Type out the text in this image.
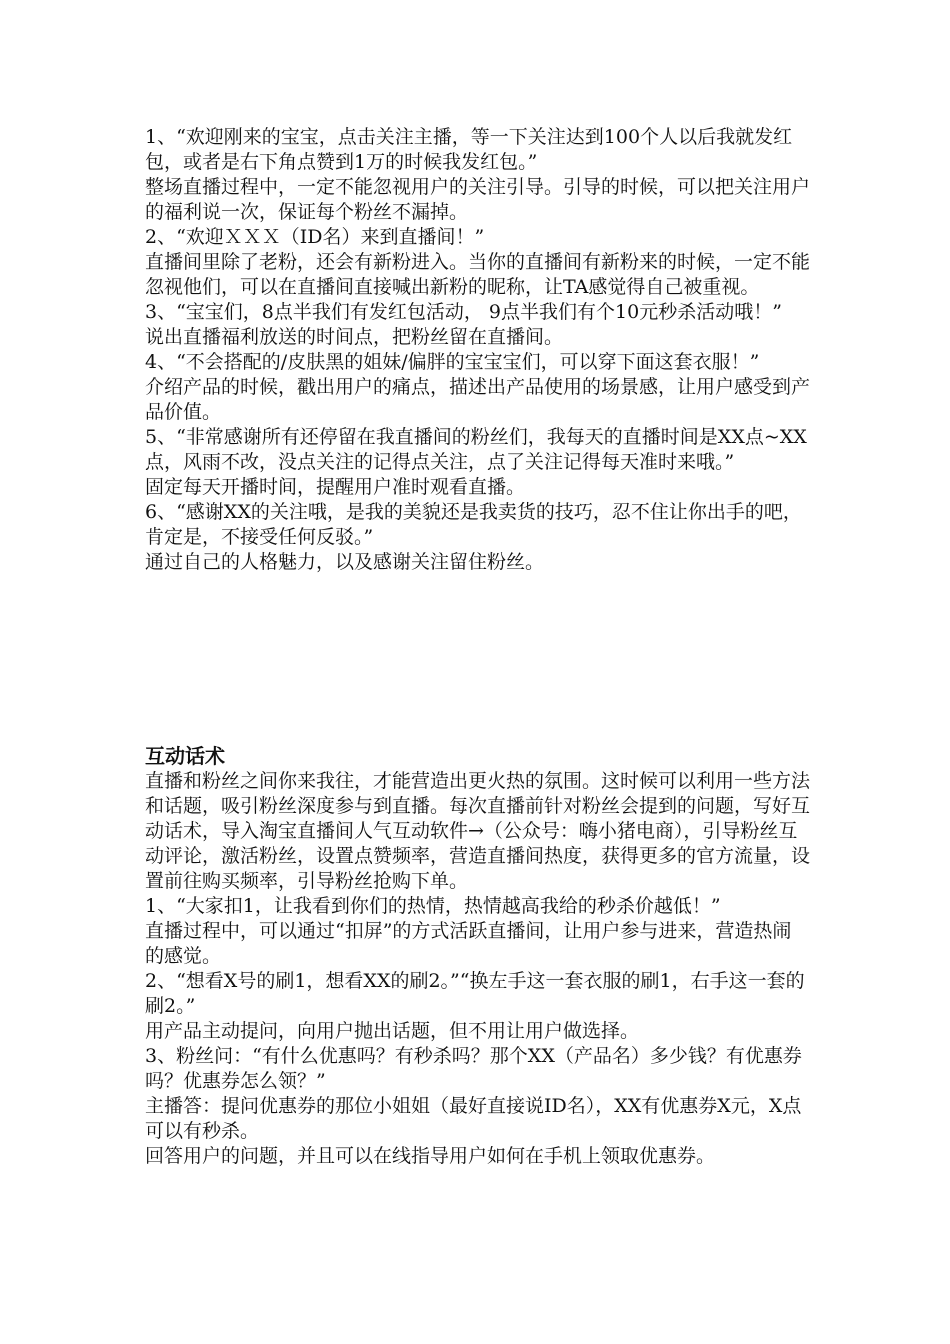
1、“欢迎刚来的宝宝，点击关注主播，等一下关注达到100个人以后我就发红包，或者是右下角点赞到1万的时候我发红包。”

整场直播过程中，一定不能忽视用户的关注引导。引导的时候，可以把关注用户的福利说一次，保证每个粉丝不漏掉。

2、“欢迎ＸＸＸ（ID名）来到直播间！”

直播间里除了老粉，还会有新粉进入。当你的直播间有新粉来的时候，一定不能忽视他们，可以在直播间直接喊出新粉的昵称，让TA感觉得自己被重视。

3、“宝宝们，8点半我们有发红包活动， 9点半我们有个10元秒杀活动哦！”

说出直播福利放送的时间点，把粉丝留在直播间。

4、“不会搭配的/皮肤黑的姐妹/偏胖的宝宝宝们，可以穿下面这套衣服！”

介绍产品的时候，戳出用户的痛点，描述出产品使用的场景感，让用户感受到产品价值。

5、“非常感谢所有还停留在我直播间的粉丝们，我每天的直播时间是XX点~XX点，风雨不改，没点关注的记得点关注，点了关注记得每天准时来哦。”

固定每天开播时间，提醒用户准时观看直播。

6、“感谢XX的关注哦，是我的美貌还是我卖货的技巧，忍不住让你出手的吧，肯定是，不接受任何反驳。”

通过自己的人格魅力，以及感谢关注留住粉丝。

互动话术

直播和粉丝之间你来我往，才能营造出更火热的氛围。这时候可以利用一些方法和话题，吸引粉丝深度参与到直播。每次直播前针对粉丝会提到的问题，写好互动话术，导入淘宝直播间人气互动软件→（公众号：嗨小猪电商），引导粉丝互动评论，激活粉丝，设置点赞频率，营造直播间热度，获得更多的官方流量，设置前往购买频率，引导粉丝抢购下单。

1、“大家扣1，让我看到你们的热情，热情越高我给的秒杀价越低！”

直播过程中，可以通过“扣屏”的方式活跃直播间，让用户参与进来，营造热闹的感觉。

2、“想看X号的刷1，想看XX的刷2。”“换左手这一套衣服的刷1，右手这一套的刷2。”

用产品主动提问，向用户抛出话题，但不用让用户做选择。

3、粉丝问：“有什么优惠吗？有秒杀吗？那个XX（产品名）多少钱？有优惠券吗？优惠券怎么领？”

主播答：提问优惠券的那位小姐姐（最好直接说ID名），XX有优惠券X元，X点可以有秒杀。

回答用户的问题，并且可以在线指导用户如何在手机上领取优惠券。
